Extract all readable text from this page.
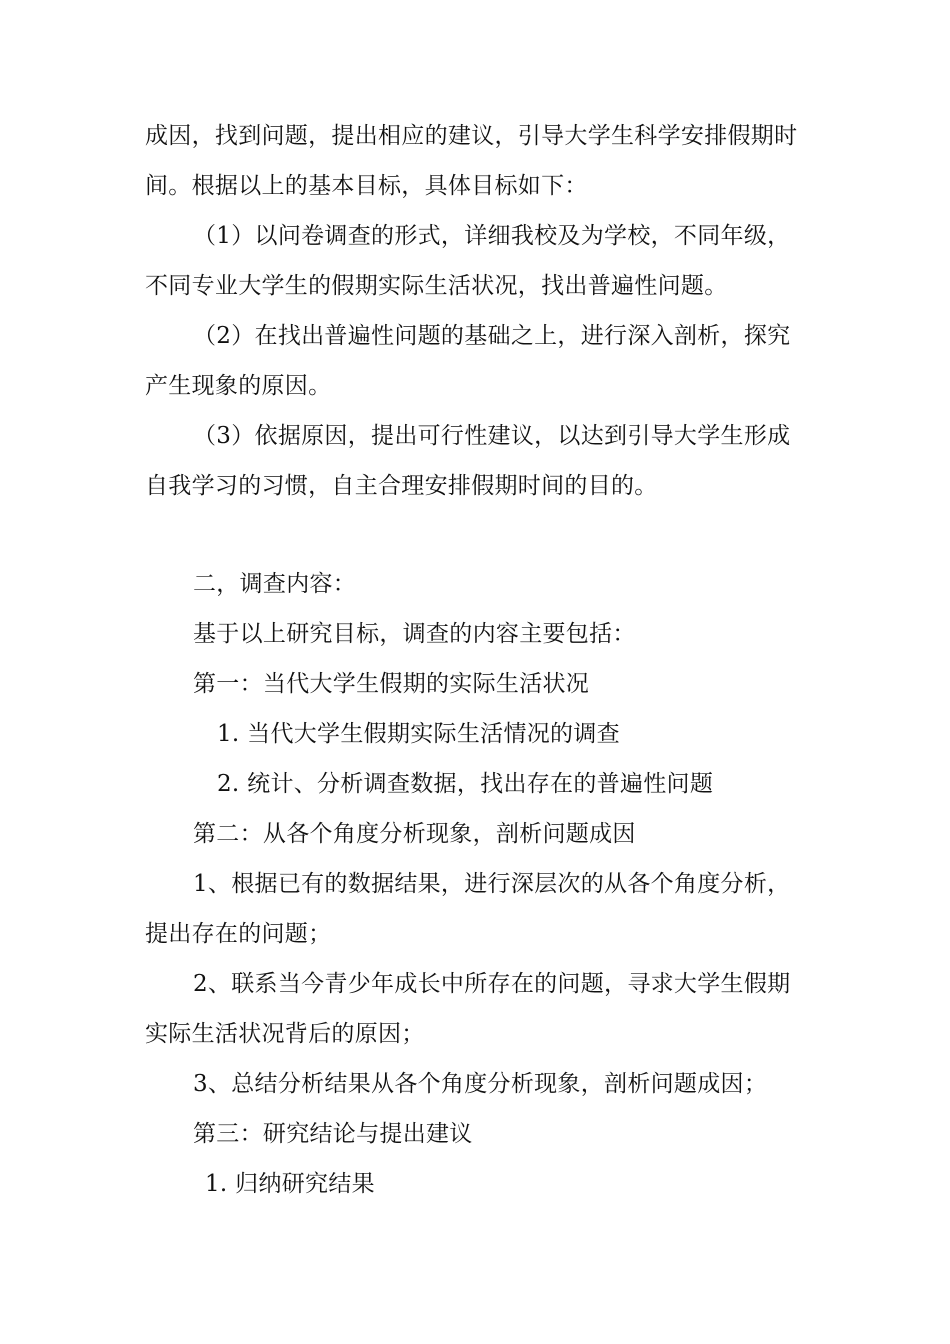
成因，找到问题，提出相应的建议，引导大学生科学安排假期时
间。根据以上的基本目标，具体目标如下：
（1）以问卷调查的形式，详细我校及为学校，不同年级，
不同专业大学生的假期实际生活状况，找出普遍性问题。
（2）在找出普遍性问题的基础之上，进行深入剖析，探究
产生现象的原因。
（3）依据原因，提出可行性建议，以达到引导大学生形成
自我学习的习惯，自主合理安排假期时间的目的。
二，调查内容：
基于以上研究目标，调查的内容主要包括：
第一：当代大学生假期的实际生活状况
1. 当代大学生假期实际生活情况的调查
2. 统计、分析调查数据，找出存在的普遍性问题
第二：从各个角度分析现象，剖析问题成因
1、根据已有的数据结果，进行深层次的从各个角度分析，
提出存在的问题；
2、联系当今青少年成长中所存在的问题，寻求大学生假期
实际生活状况背后的原因；
3、总结分析结果从各个角度分析现象，剖析问题成因；
第三：研究结论与提出建议
1. 归纳研究结果
